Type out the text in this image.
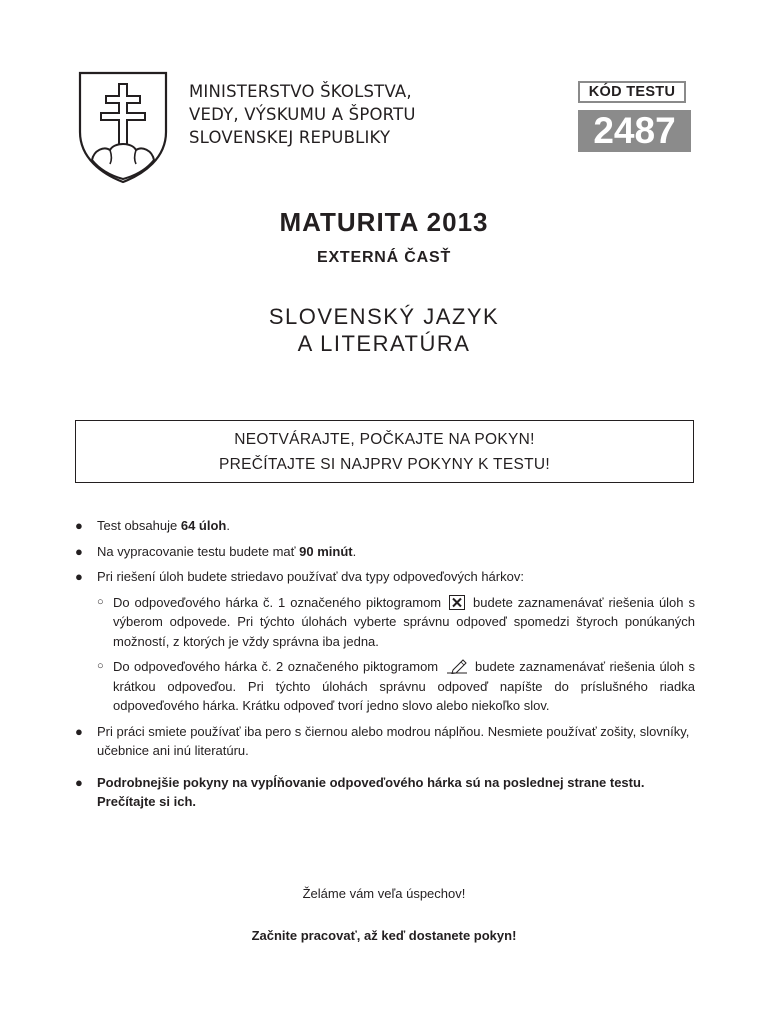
MINISTERSTVO ŠKOLSTVA,
VEDY, VÝSKUMU A ŠPORTU
SLOVENSKEJ REPUBLIKY
KÓD TESTU
2487
MATURITA 2013
EXTERNÁ ČASŤ
SLOVENSKÝ JAZYK
A LITERATÚRA
NEOTVÁRAJTE, POČKAJTE NA POKYN!
PREČÍTAJTE SI NAJPRV POKYNY K TESTU!
● Test obsahuje 64 úloh.
● Na vypracovanie testu budete mať 90 minút.
● Pri riešení úloh budete striedavo používať dva typy odpoveďových hárkov:
○ Do odpoveďového hárka č. 1 označeného piktogramom budete zaznamenávať riešenia úloh s výberom odpovede. Pri týchto úlohách vyberte správnu odpoveď spomedzi štyroch ponúkaných možností, z ktorých je vždy správna iba jedna.
○ Do odpoveďového hárka č. 2 označeného piktogramom	budete zaznamenávať riešenia úloh s krátkou odpoveďou. Pri týchto úlohách správnu odpoveď napíšte do príslušného riadka odpoveďového hárka. Krátku odpoveď tvorí jedno slovo alebo niekoľko slov.
● Pri práci smiete používať iba pero s čiernou alebo modrou náplňou. Nesmiete používať zošity, slovníky, učebnice ani inú literatúru.
● Podrobnejšie pokyny na vypĺňovanie odpoveďového hárka sú na poslednej strane testu. Prečítajte si ich.
Želáme vám veľa úspechov!
Začnite pracovať, až keď dostanete pokyn!
